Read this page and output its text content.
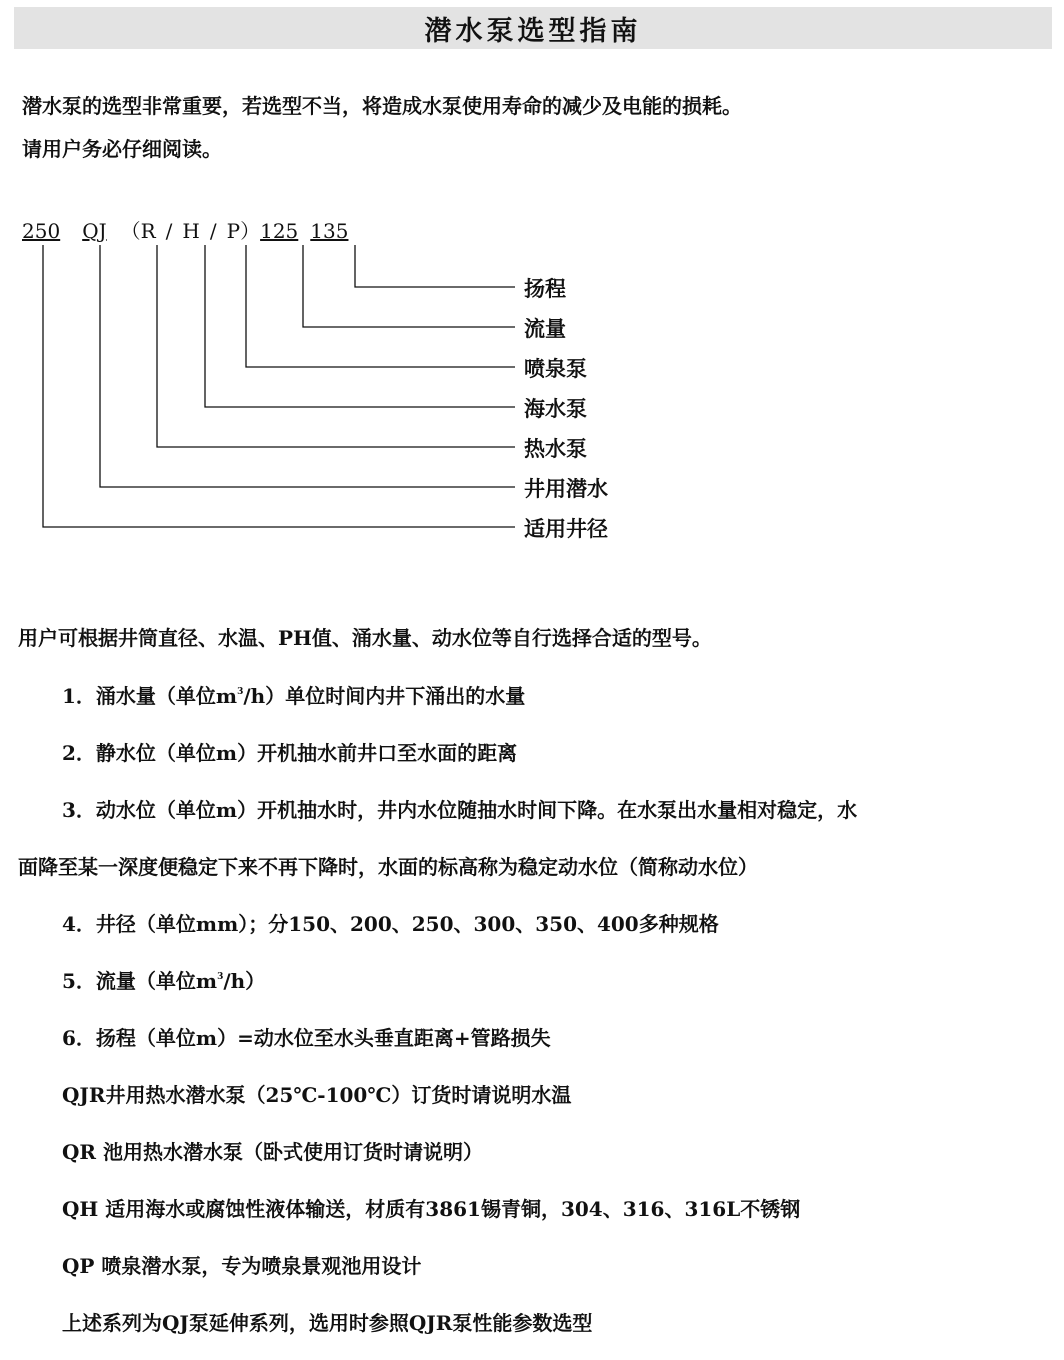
潜水泵选型指南
潜水泵的选型非常重要，若选型不当，将造成水泵使用寿命的减少及电能的损耗。
请用户务必仔细阅读。
250 QJ （R / H / P）125 135
扬程
流量
喷泉泵
海水泵
热水泵
井用潜水
适用井径
用户可根据井筒直径、水温、PH值、涌水量、动水位等自行选择合适的型号。
1．涌水量（单位$m^3/h$）单位时间内井下涌出的水量
2．静水位（单位m）开机抽水前井口至水面的距离
3．动水位（单位m）开机抽水时，井内水位随抽水时间下降。在水泵出水量相对稳定，水
面降至某一深度便稳定下来不再下降时，水面的标高称为稳定动水位（简称动水位）
4．井径（单位mm）；分150、200、250、300、350、400多种规格
5．流量（单位$m^3/h$）
6．扬程（单位m）=动水位至水头垂直距离+管路损失
QJR井用热水潜水泵（25℃-100℃）订货时请说明水温
QR 池用热水潜水泵（卧式使用订货时请说明）
QH 适用海水或腐蚀性液体输送，材质有3861锡青铜，304、316、316L不锈钢
QP 喷泉潜水泵，专为喷泉景观池用设计
上述系列为QJ泵延伸系列，选用时参照QJR泵性能参数选型
